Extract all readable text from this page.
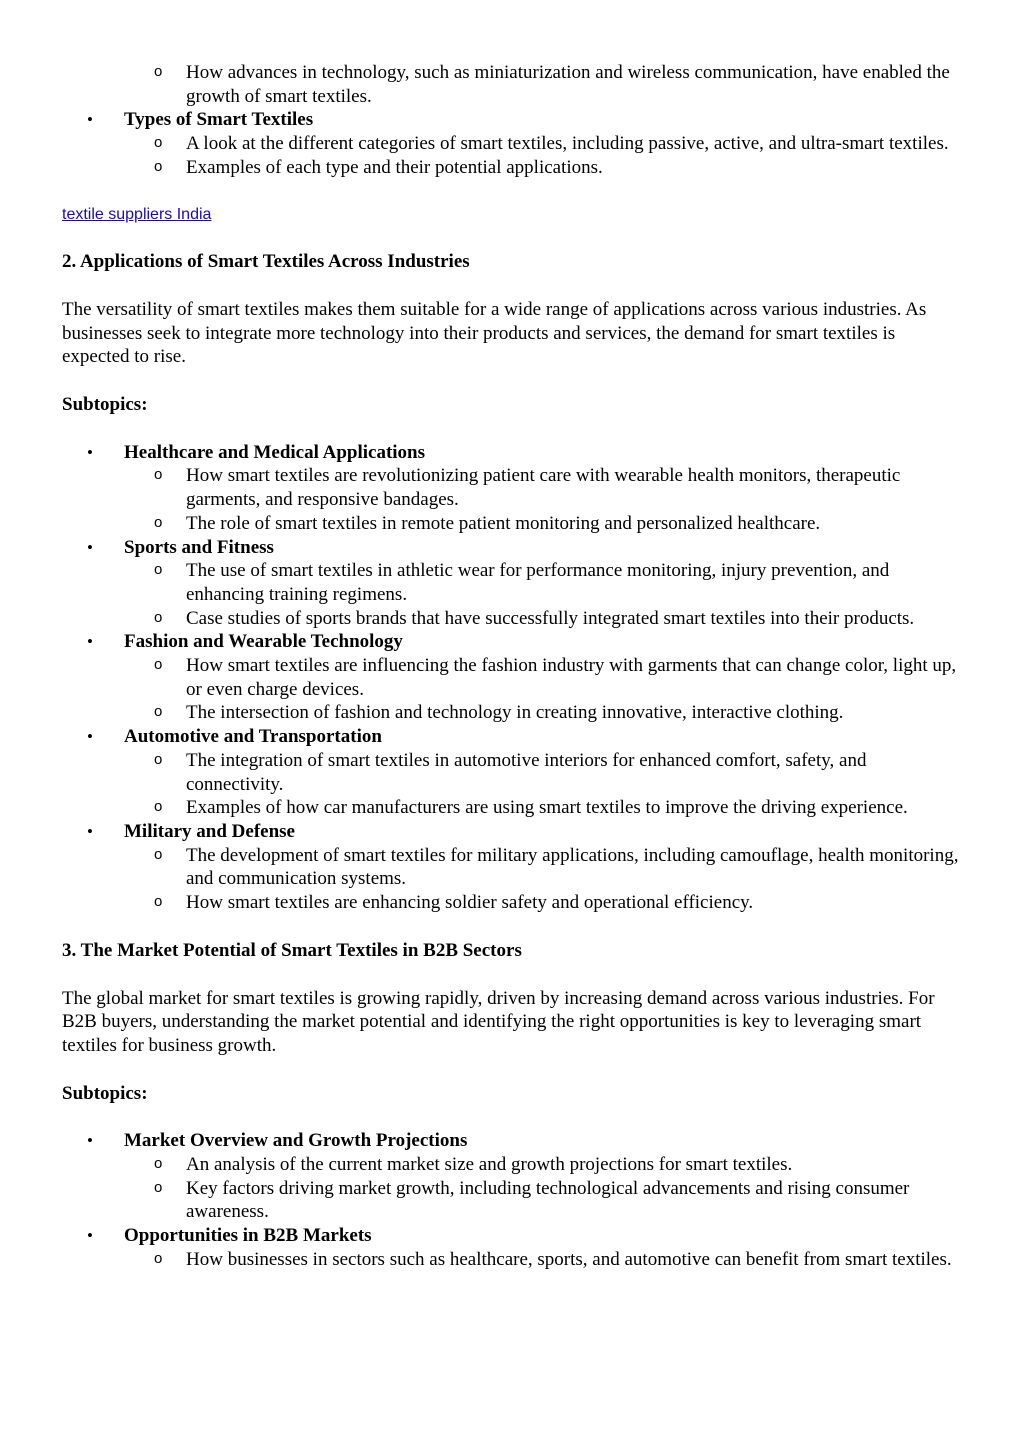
o How advances in technology, such as miniaturization and wireless communication, have enabled the growth of smart textiles.
• Types of Smart Textiles
o A look at the different categories of smart textiles, including passive, active, and ultra-smart textiles.
o Examples of each type and their potential applications.
textile suppliers India
2. Applications of Smart Textiles Across Industries

The versatility of smart textiles makes them suitable for a wide range of applications across various industries. As businesses seek to integrate more technology into their products and services, the demand for smart textiles is expected to rise.

Subtopics:
• Healthcare and Medical Applications
o How smart textiles are revolutionizing patient care with wearable health monitors, therapeutic garments, and responsive bandages.
o The role of smart textiles in remote patient monitoring and personalized healthcare.
• Sports and Fitness
o The use of smart textiles in athletic wear for performance monitoring, injury prevention, and enhancing training regimens.
o Case studies of sports brands that have successfully integrated smart textiles into their products.
• Fashion and Wearable Technology
o How smart textiles are influencing the fashion industry with garments that can change color, light up, or even charge devices.
o The intersection of fashion and technology in creating innovative, interactive clothing.
• Automotive and Transportation
o The integration of smart textiles in automotive interiors for enhanced comfort, safety, and connectivity.
o Examples of how car manufacturers are using smart textiles to improve the driving experience.
• Military and Defense
o The development of smart textiles for military applications, including camouflage, health monitoring, and communication systems.
o How smart textiles are enhancing soldier safety and operational efficiency.
3. The Market Potential of Smart Textiles in B2B Sectors

The global market for smart textiles is growing rapidly, driven by increasing demand across various industries. For B2B buyers, understanding the market potential and identifying the right opportunities is key to leveraging smart textiles for business growth.

Subtopics:
• Market Overview and Growth Projections
o An analysis of the current market size and growth projections for smart textiles.
o Key factors driving market growth, including technological advancements and rising consumer awareness.
• Opportunities in B2B Markets
o How businesses in sectors such as healthcare, sports, and automotive can benefit from smart textiles.
